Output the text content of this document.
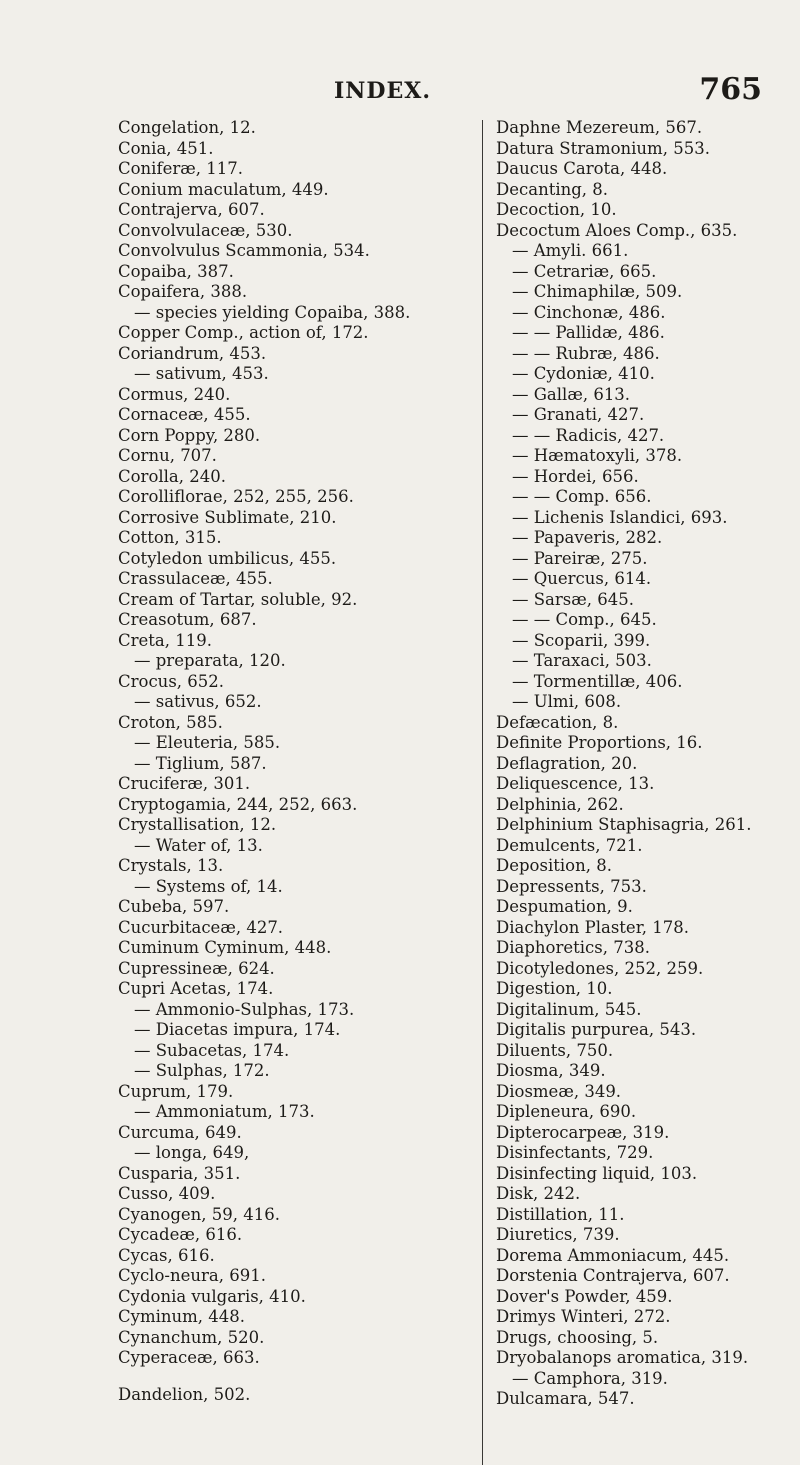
INDEX.	765
Congelation, 12.
Conia, 451.
Coniferæ, 117.
Conium maculatum, 449.
Contrajerva, 607.
Convolvulaceæ, 530.
Convolvulus Scammonia, 534.
Copaiba, 387.
Copaifera, 388.
— species yielding Copaiba, 388.
Copper Comp., action of, 172.
Coriandrum, 453.
— sativum, 453.
Cormus, 240.
Cornaceæ, 455.
Corn Poppy, 280.
Cornu, 707.
Corolla, 240.
Corolliflorae, 252, 255, 256.
Corrosive Sublimate, 210.
Cotton, 315.
Cotyledon umbilicus, 455.
Crassulaceæ, 455.
Cream of Tartar, soluble, 92.
Creasotum, 687.
Creta, 119.
— preparata, 120.
Crocus, 652.
— sativus, 652.
Croton, 585.
— Eleuteria, 585.
— Tiglium, 587.
Cruciferæ, 301.
Cryptogamia, 244, 252, 663.
Crystallisation, 12.
— Water of, 13.
Crystals, 13.
— Systems of, 14.
Cubeba, 597.
Cucurbitaceæ, 427.
Cuminum Cyminum, 448.
Cupressineæ, 624.
Cupri Acetas, 174.
— Ammonio-Sulphas, 173.
— Diacetas impura, 174.
— Subacetas, 174.
— Sulphas, 172.
Cuprum, 179.
— Ammoniatum, 173.
Curcuma, 649.
— longa, 649,
Cusparia, 351.
Cusso, 409.
Cyanogen, 59, 416.
Cycadeæ, 616.
Cycas, 616.
Cyclo-neura, 691.
Cydonia vulgaris, 410.
Cyminum, 448.
Cynanchum, 520.
Cyperaceæ, 663.
Dandelion, 502.
Daphne Mezereum, 567.
Datura Stramonium, 553.
Daucus Carota, 448.
Decanting, 8.
Decoction, 10.
Decoctum Aloes Comp., 635.
— Amyli. 661.
— Cetrariæ, 665.
— Chimaphilæ, 509.
— Cinchonæ, 486.
— — Pallidæ, 486.
— — Rubræ, 486.
— Cydoniæ, 410.
— Gallæ, 613.
— Granati, 427.
— — Radicis, 427.
— Hæmatoxyli, 378.
— Hordei, 656.
— — Comp. 656.
— Lichenis Islandici, 693.
— Papaveris, 282.
— Pareiræ, 275.
— Quercus, 614.
— Sarsæ, 645.
— — Comp., 645.
— Scoparii, 399.
— Taraxaci, 503.
— Tormentillæ, 406.
— Ulmi, 608.
Defæcation, 8.
Definite Proportions, 16.
Deflagration, 20.
Deliquescence, 13.
Delphinia, 262.
Delphinium Staphisagria, 261.
Demulcents, 721.
Deposition, 8.
Depressents, 753.
Despumation, 9.
Diachylon Plaster, 178.
Diaphoretics, 738.
Dicotyledones, 252, 259.
Digestion, 10.
Digitalinum, 545.
Digitalis purpurea, 543.
Diluents, 750.
Diosma, 349.
Diosmeæ, 349.
Dipleneura, 690.
Dipterocarpeæ, 319.
Disinfectants, 729.
Disinfecting liquid, 103.
Disk, 242.
Distillation, 11.
Diuretics, 739.
Dorema Ammoniacum, 445.
Dorstenia Contrajerva, 607.
Dover's Powder, 459.
Drimys Winteri, 272.
Drugs, choosing, 5.
Dryobalanops aromatica, 319.
— Camphora, 319.
Dulcamara, 547.
